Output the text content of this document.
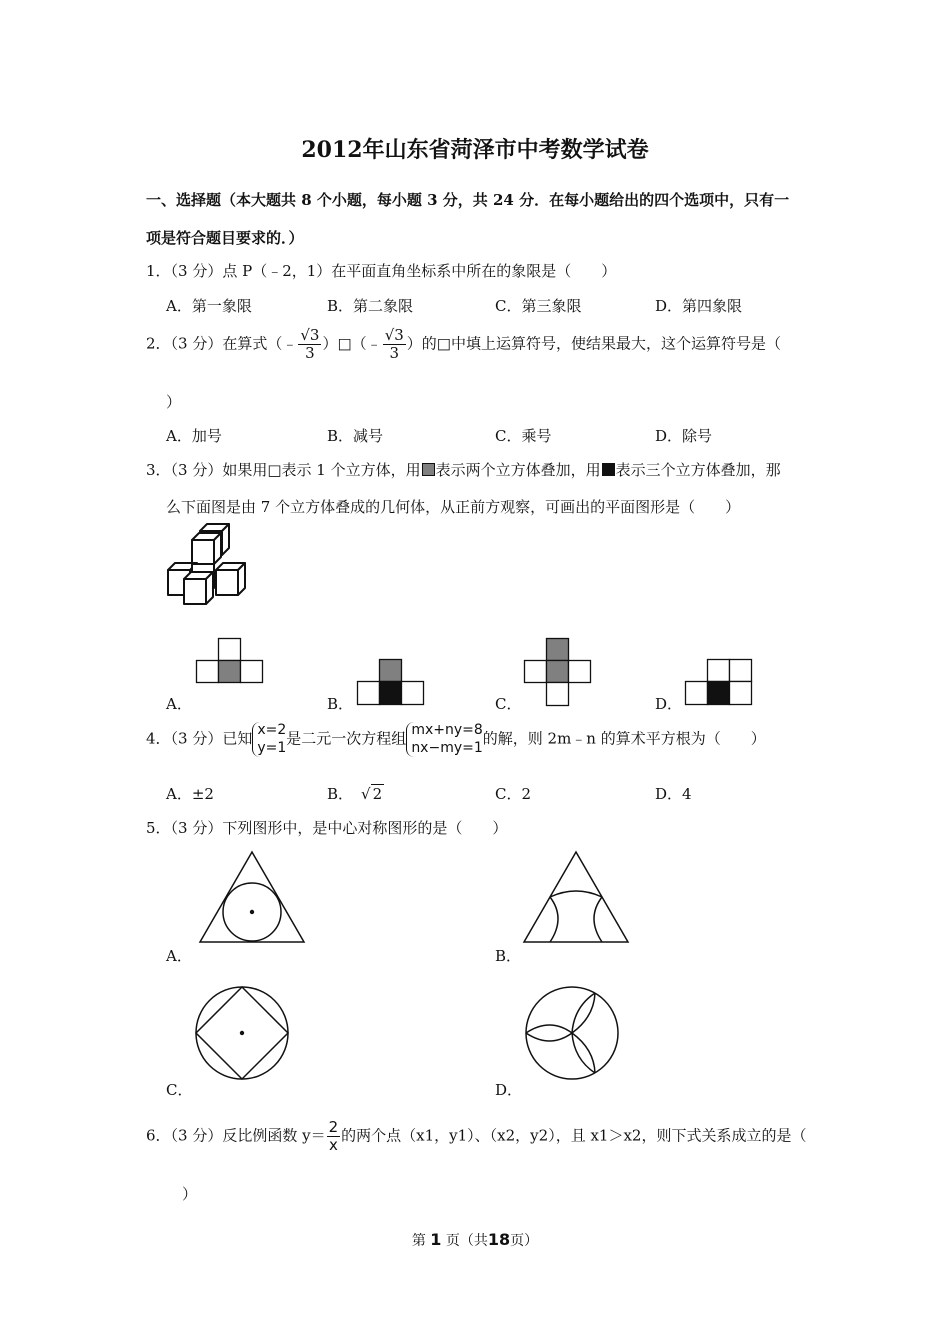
2012年山东省菏泽市中考数学试卷
一、选择题（本大题共 8 个小题，每小题 3 分，共 24 分．在每小题给出的四个选项中，只有一
项是符合题目要求的．）
1．（3 分）点 P（﹣2，1）在平面直角坐标系中所在的象限是（　　）
A．第一象限	B．第二象限	C．第三象限	D．第四象限
2．（3 分）在算式（﹣ $\frac{√3}{3}$ ）□（﹣ $\frac{√3}{3}$ ）的□中填上运算符号，使结果最大，这个运算符号是（
）
A．加号	B．减号	C．乘号	D．除号
3．（3 分）如果用□表示 1 个立方体，用 表示两个立方体叠加，用 表示三个立方体叠加，那
么下面图是由 7 个立方体叠成的几何体，从正前方观察，可画出的平面图形是（　　）
A．	B．	C．	D．
4．（3 分）已知 x=2
y=1 是二元一次方程组 mx+ny=8
nx−my=1 的解，则 2m﹣n 的算术平方根为（　　）
A．±2	B． √ 2	C．2	D．4
5．（3 分）下列图形中，是中心对称图形的是（　　）
A．	B．
C．	D．
6．（3 分）反比例函数 $y= \frac{2}{x}$ 的两个点（x1，y1）、（x2，y2），且 x1＞x2，则下式关系成立的是（
）
第 1 页（共18页）
